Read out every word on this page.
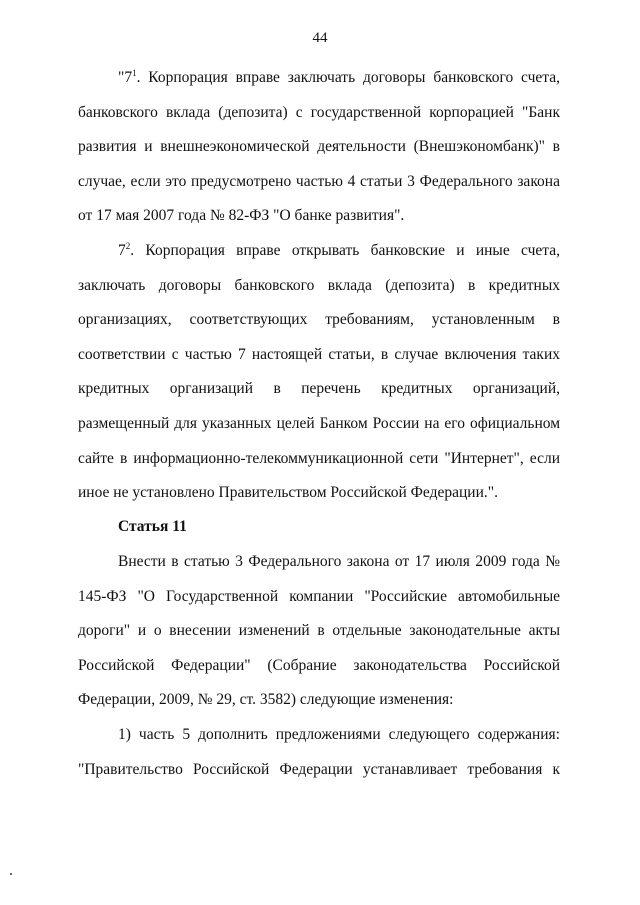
44
"$7^1$. Корпорация вправе заключать договоры банковского счета, банковского вклада (депозита) с государственной корпорацией "Банк развития и внешнеэкономической деятельности (Внешэкономбанк)" в случае, если это предусмотрено частью 4 статьи 3 Федерального закона от 17 мая 2007 года № 82-ФЗ "О банке развития".
$7^2$. Корпорация вправе открывать банковские и иные счета, заключать договоры банковского вклада (депозита) в кредитных организациях, соответствующих требованиям, установленным в соответствии с частью 7 настоящей статьи, в случае включения таких кредитных организаций в перечень кредитных организаций, размещенный для указанных целей Банком России на его официальном сайте в информационно-телекоммуникационной сети "Интернет", если иное не установлено Правительством Российской Федерации.".
Статья 11
Внести в статью 3 Федерального закона от 17 июля 2009 года № 145-ФЗ "О Государственной компании "Российские автомобильные дороги" и о внесении изменений в отдельные законодательные акты Российской Федерации" (Собрание законодательства Российской Федерации, 2009, № 29, ст. 3582) следующие изменения:
1) часть 5 дополнить предложениями следующего содержания: "Правительство Российской Федерации устанавливает требования к
